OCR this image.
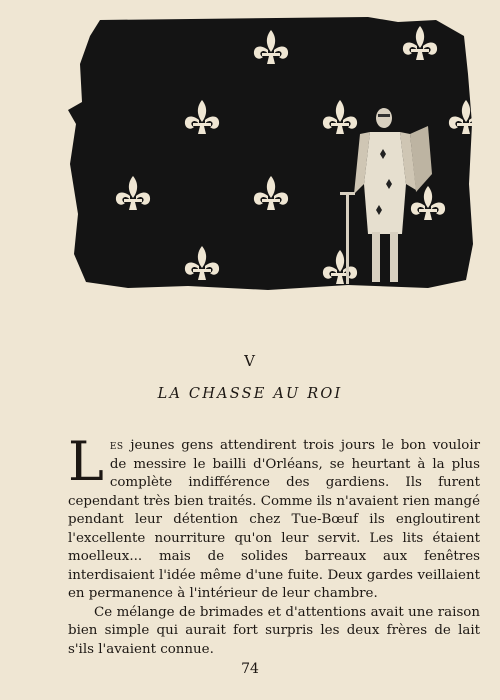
V
LA CHASSE AU ROI

Les jeunes gens attendirent trois jours le bon vouloir de messire le bailli d'Orléans, se heurtant à la plus complète indifférence des gardiens. Ils furent cependant très bien traités. Comme ils n'avaient rien mangé pendant leur détention chez Tue-Bœuf ils engloutirent l'excellente nourriture qu'on leur servit. Les lits étaient moelleux... mais de solides barreaux aux fenêtres interdisaient l'idée même d'une fuite. Deux gardes veillaient en permanence à l'intérieur de leur chambre.

Ce mélange de brimades et d'attentions avait une raison bien simple qui aurait fort surpris les deux frères de lait s'ils l'avaient connue.

74
